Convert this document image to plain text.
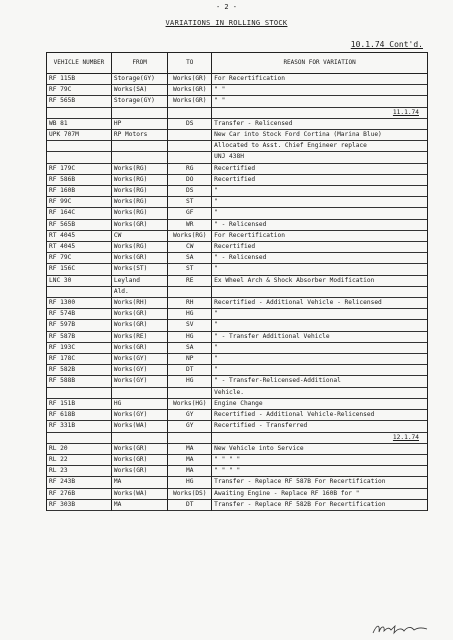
- 2 -
VARIATIONS IN ROLLING STOCK
10.1.74 Cont'd.
VEHICLE NUMBER	FROM	TO	REASON FOR VARIATION
RF 115B	Storage(GY)	Works(GR)	For Recertification
RF 79C	Works(SA)	Works(GR)	" "
RF 565B	Storage(GY)	Works(GR)	" "
			11.1.74
WB 81	HP	DS	Transfer - Relicensed
UPK 707M	RP Motors		New Car into Stock Ford Cortina (Marina Blue)
			Allocated to Asst. Chief Engineer replace
			UNJ 438H
RF 179C	Works(RG)	RG	Recertified
RF 586B	Works(RG)	DO	Recertified
RF 160B	Works(RG)	DS	"
RF 99C	Works(RG)	ST	"
RF 164C	Works(RG)	GF	"
RF 565B	Works(GR)	WR	" - Relicensed
RT 4045	CW	Works(RG)	For Recertification
RT 4045	Works(RG)	CW	Recertified
RF 79C	Works(GR)	SA	" - Relicensed
RF 156C	Works(ST)	ST	"
LNC 30	Leyland	RE	Ex Wheel Arch & Shock Absorber Modification
	Ald.		
RF 1300	Works(RH)	RH	Recertified - Additional Vehicle - Relicensed
RF 574B	Works(GR)	HG	"
RF 597B	Works(GR)	SV	"
RF 587B	Works(RE)	HG	" - Transfer Additional Vehicle
RF 193C	Works(GR)	SA	"
RF 178C	Works(GY)	NP	"
RF 582B	Works(GY)	DT	"
RF 588B	Works(GY)	HG	" - Transfer-Relicensed-Additional
			Vehicle.
RF 151B	HG	Works(HG)	Engine Change
RF 618B	Works(GY)	GY	Recertified - Additional Vehicle-Relicensed
RF 331B	Works(WA)	GY	Recertified - Transferred
			12.1.74
RL 20	Works(GR)	MA	New Vehicle into Service
RL 22	Works(GR)	MA	" " " "
RL 23	Works(GR)	MA	" " " "
RF 243B	MA	HG	Transfer - Replace RF 587B For Recertification
RF 276B	Works(WA)	Works(DS)	Awaiting Engine - Replace RF 160B for "
RF 303B	MA	DT	Transfer - Replace RF 582B For Recertification
